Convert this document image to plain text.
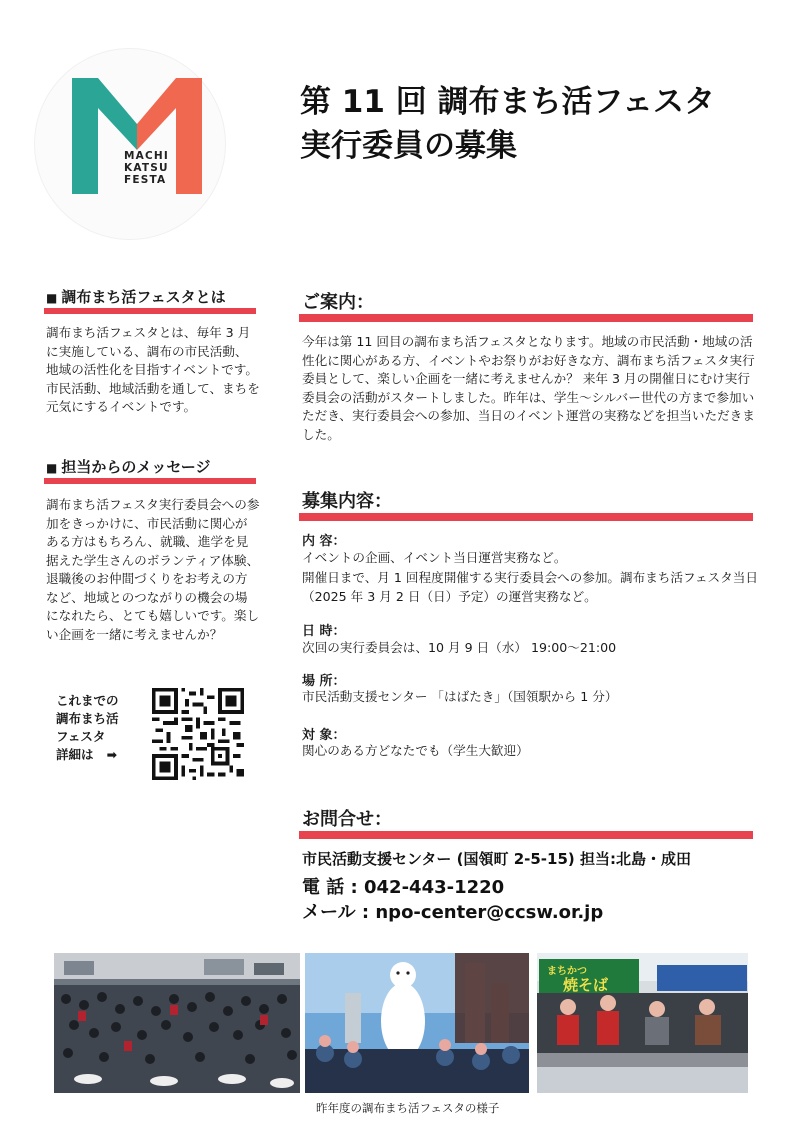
MACHI
KATSU
FESTA
第 11 回 調布まち活フェスタ
実行委員の募集
■ 調布まち活フェスタとは
調布まち活フェスタとは、毎年 3 月に実施している、調布の市民活動、地域の活性化を目指すイベントです。市民活動、地域活動を通して、まちを元気にするイベントです。
■ 担当からのメッセージ
調布まち活フェスタ実行委員会への参加をきっかけに、市民活動に関心がある方はもちろん、就職、進学を見据えた学生さんのボランティア体験、退職後のお仲間づくりをお考えの方など、地域とのつながりの機会の場になれたら、とても嬉しいです。楽しい企画を一緒に考えませんか？
これまでの
調布まち活
フェスタ
詳細は ➡
ご案内：
今年は第 11 回目の調布まち活フェスタとなります。地域の市民活動・地域の活性化に関心がある方、イベントやお祭りがお好きな方、調布まち活フェスタ実行委員として、楽しい企画を一緒に考えませんか？ 来年 3 月の開催日にむけ実行委員会の活動がスタートしました。昨年は、学生～シルバー世代の方まで参加いただき、実行委員会への参加、当日のイベント運営の実務などを担当いただきました。
募集内容：
内 容：
イベントの企画、イベント当日運営実務など。
開催日まで、月 1 回程度開催する実行委員会への参加。調布まち活フェスタ当日（2025 年 3 月 2 日（日）予定）の運営実務など。
日 時：
次回の実行委員会は、10 月 9 日（水） 19:00～21:00
場 所：
市民活動支援センター 「はばたき」（国領駅から 1 分）
対 象：
関心のある方どなたでも（学生大歓迎）
お問合せ：
市民活動支援センター (国領町 2-5-15) 担当:北島・成田
電 話 : 042-443-1220
メール : npo-center@ccsw.or.jp
まちかつ
焼そば
昨年度の調布まち活フェスタの様子
